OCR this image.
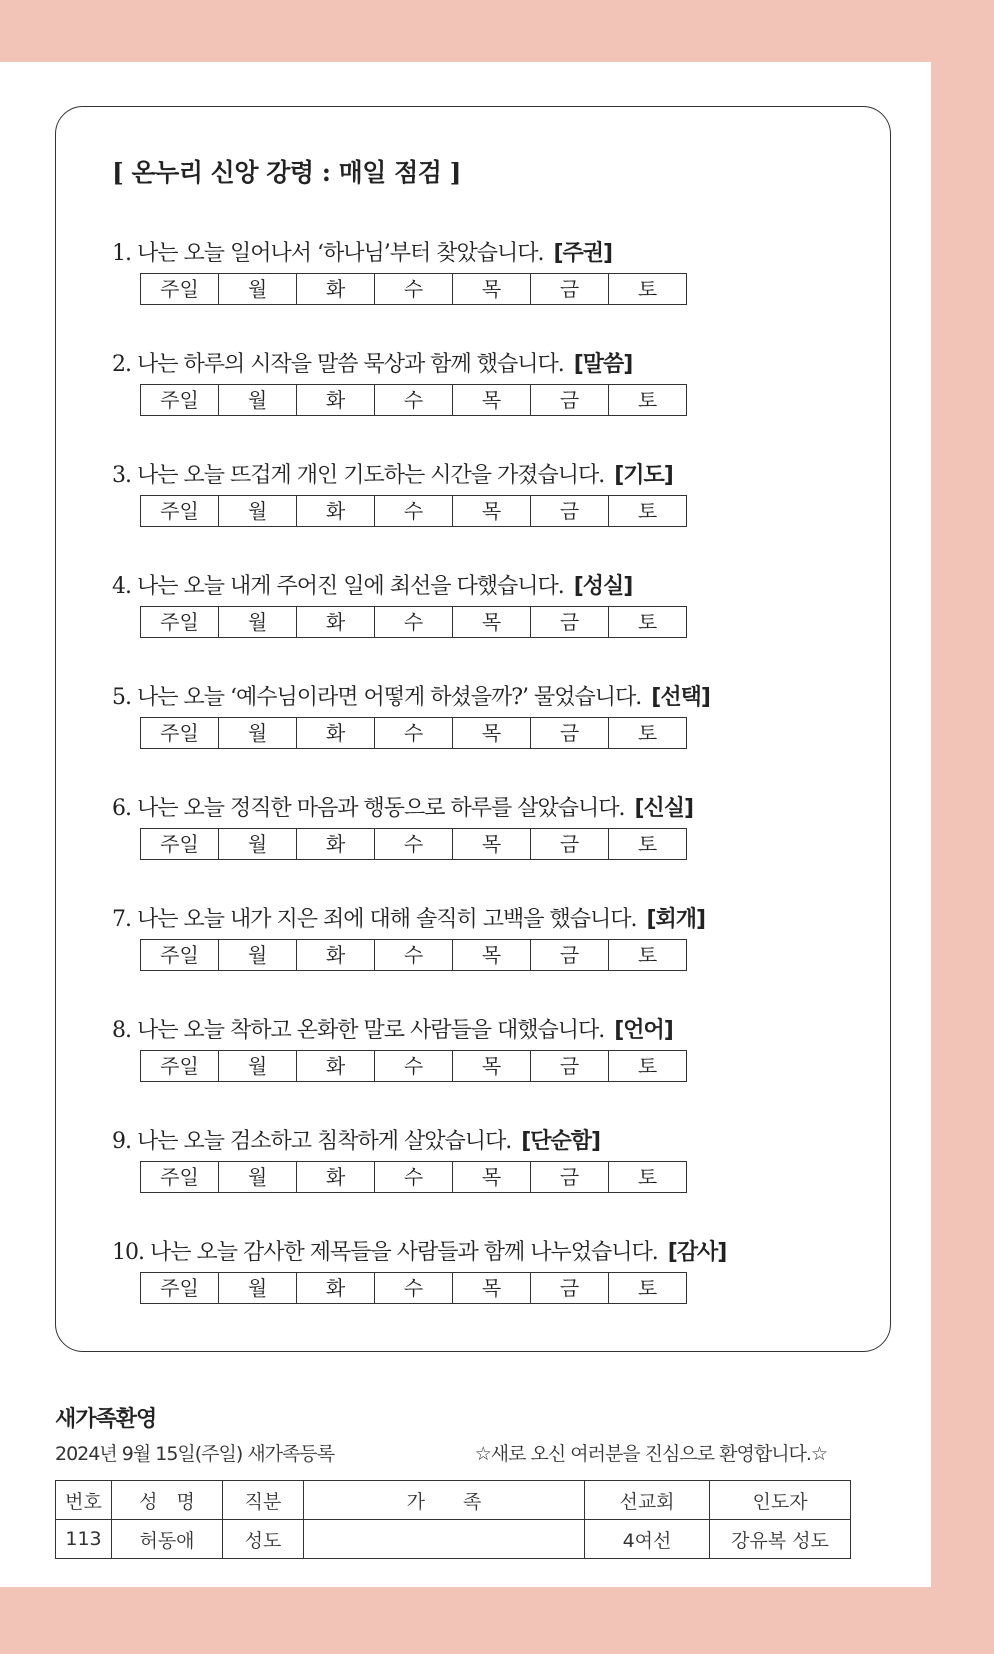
[ 온누리 신앙 강령 : 매일 점검 ]
1. 나는 오늘 일어나서 ‘하나님’부터 찾았습니다. [주권]
주일	월	화	수	목	금	토
2. 나는 하루의 시작을 말씀 묵상과 함께 했습니다. [말씀]
주일	월	화	수	목	금	토
3. 나는 오늘 뜨겁게 개인 기도하는 시간을 가졌습니다. [기도]
주일	월	화	수	목	금	토
4. 나는 오늘 내게 주어진 일에 최선을 다했습니다. [성실]
주일	월	화	수	목	금	토
5. 나는 오늘 ‘예수님이라면 어떻게 하셨을까?’ 물었습니다. [선택]
주일	월	화	수	목	금	토
6. 나는 오늘 정직한 마음과 행동으로 하루를 살았습니다. [신실]
주일	월	화	수	목	금	토
7. 나는 오늘 내가 지은 죄에 대해 솔직히 고백을 했습니다. [회개]
주일	월	화	수	목	금	토
8. 나는 오늘 착하고 온화한 말로 사람들을 대했습니다. [언어]
주일	월	화	수	목	금	토
9. 나는 오늘 검소하고 침착하게 살았습니다. [단순함]
주일	월	화	수	목	금	토
10. 나는 오늘 감사한 제목들을 사람들과 함께 나누었습니다. [감사]
주일	월	화	수	목	금	토
새가족환영
2024년 9월 15일(주일) 새가족등록	☆새로 오신 여러분을 진심으로 환영합니다.☆
번호	성　명	직분	가　　족	선교회	인도자
113	허동애	성도		4여선	강유복 성도
